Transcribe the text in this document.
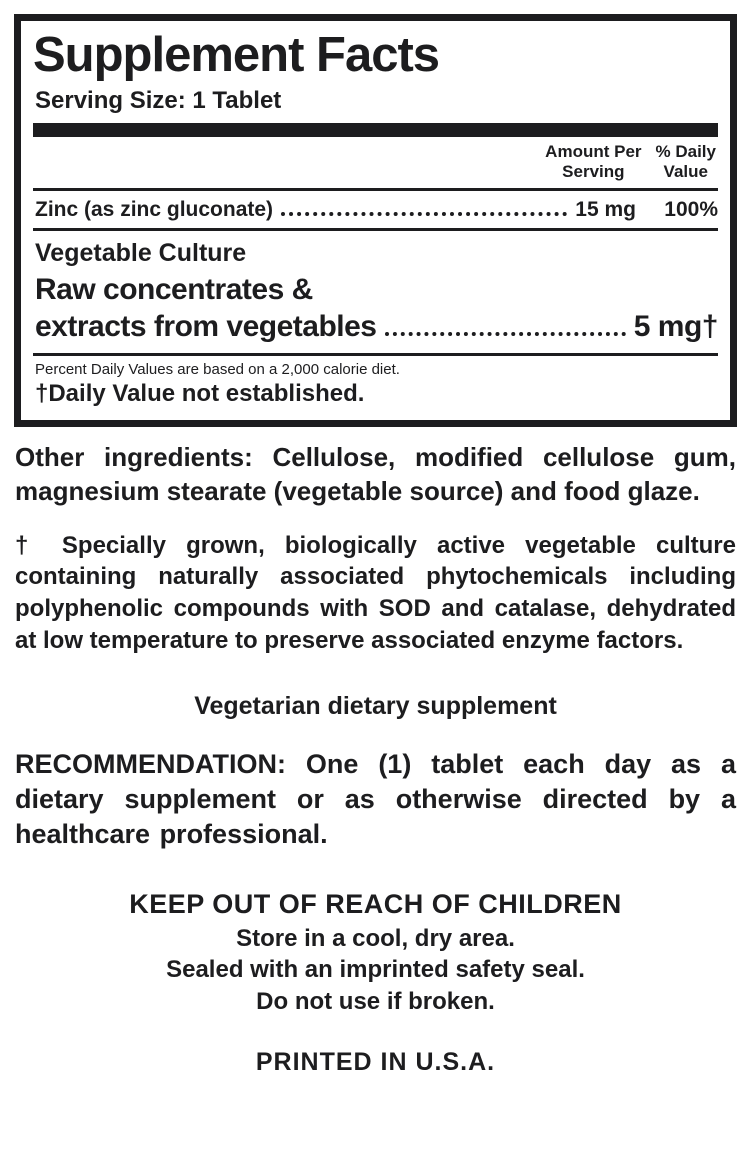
Supplement Facts
Serving Size: 1 Tablet
Amount Per
Serving
% Daily
Value
Zinc (as zinc gluconate)	15 mg	100%
Vegetable Culture
Raw concentrates &
extracts from vegetables	5 mg†
Percent Daily Values are based on a 2,000 calorie diet.
†Daily Value not established.
Other ingredients: Cellulose, modified cellulose gum, magnesium stearate (vegetable source) and food glaze.
† Specially grown, biologically active vegetable culture containing naturally associated phytochemicals including polyphenolic compounds with SOD and catalase, dehydrated at low temperature to preserve associated enzyme factors.
Vegetarian dietary supplement
RECOMMENDATION: One (1) tablet each day as a dietary supplement or as otherwise directed by a healthcare professional.
KEEP OUT OF REACH OF CHILDREN
Store in a cool, dry area.
Sealed with an imprinted safety seal.
Do not use if broken.
PRINTED IN U.S.A.
